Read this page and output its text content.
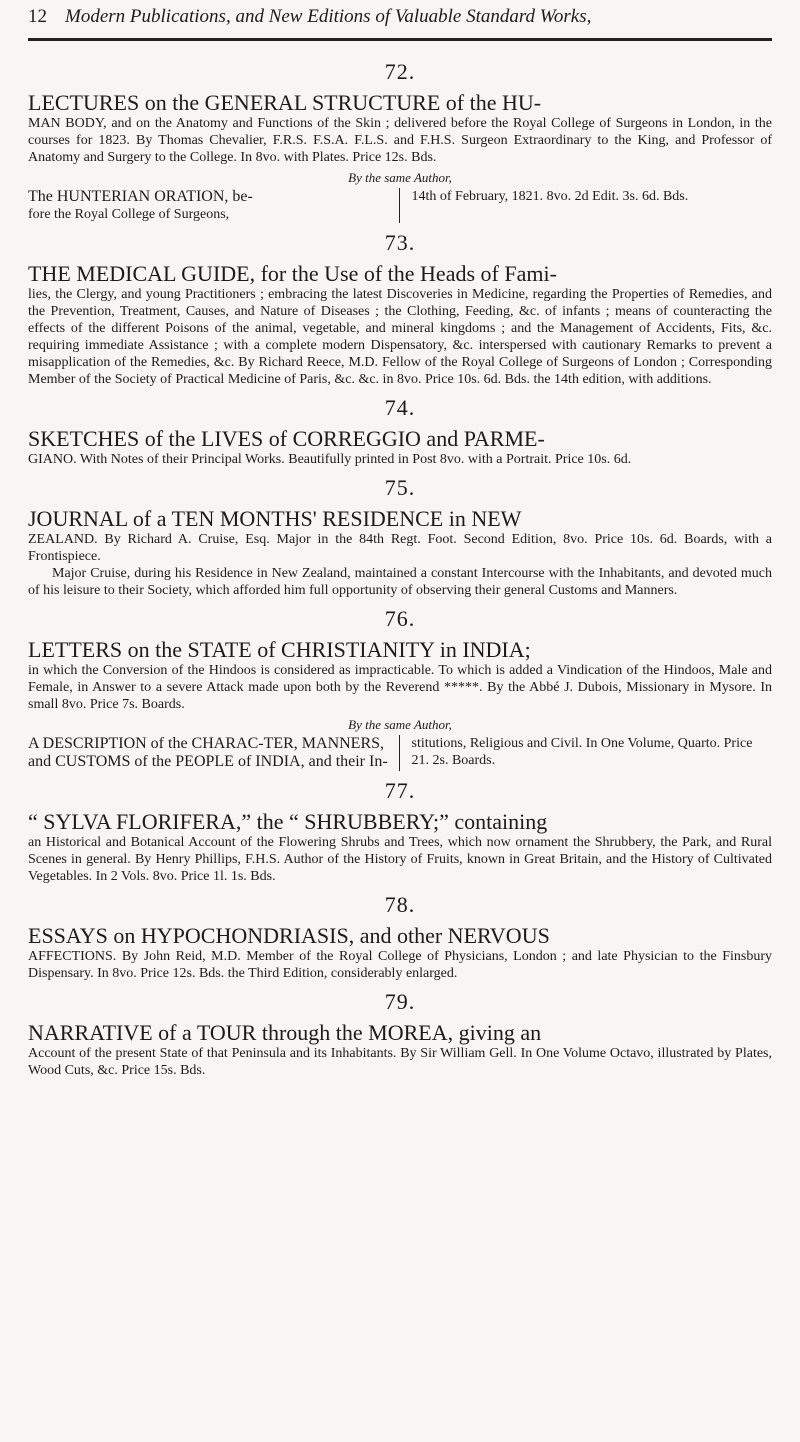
12 Modern Publications, and New Editions of Valuable Standard Works,
72.

LECTURES on the GENERAL STRUCTURE of the HU-

MAN BODY, and on the Anatomy and Functions of the Skin ; delivered before the Royal College of Surgeons in London, in the courses for 1823. By Thomas Chevalier, F.R.S. F.S.A. F.L.S. and F.H.S. Surgeon Extraordinary to the King, and Professor of Anatomy and Surgery to the College. In 8vo. with Plates. Price 12s. Bds.

By the same Author,

The HUNTERIAN ORATION, be-

fore the Royal College of Surgeons,

14th of February, 1821. 8vo. 2d Edit. 3s. 6d. Bds.

73.

THE MEDICAL GUIDE, for the Use of the Heads of Fami-

lies, the Clergy, and young Practitioners ; embracing the latest Discoveries in Medicine, regarding the Properties of Remedies, and the Prevention, Treatment, Causes, and Nature of Diseases ; the Clothing, Feeding, &c. of infants ; means of counteracting the effects of the different Poisons of the animal, vegetable, and mineral kingdoms ; and the Management of Accidents, Fits, &c. requiring immediate Assistance ; with a complete modern Dispensatory, &c. interspersed with cautionary Remarks to prevent a misapplication of the Remedies, &c. By Richard Reece, M.D. Fellow of the Royal College of Surgeons of London ; Corresponding Member of the Society of Practical Medicine of Paris, &c. &c. in 8vo. Price 10s. 6d. Bds. the 14th edition, with additions.

74.

SKETCHES of the LIVES of CORREGGIO and PARME-

GIANO. With Notes of their Principal Works. Beautifully printed in Post 8vo. with a Portrait. Price 10s. 6d.

75.

JOURNAL of a TEN MONTHS' RESIDENCE in NEW

ZEALAND. By Richard A. Cruise, Esq. Major in the 84th Regt. Foot. Second Edition, 8vo. Price 10s. 6d. Boards, with a Frontispiece.

Major Cruise, during his Residence in New Zealand, maintained a constant Intercourse with the Inhabitants, and devoted much of his leisure to their Society, which afforded him full opportunity of observing their general Customs and Manners.

76.

LETTERS on the STATE of CHRISTIANITY in INDIA;

in which the Conversion of the Hindoos is considered as impracticable. To which is added a Vindication of the Hindoos, Male and Female, in Answer to a severe Attack made upon both by the Reverend *****. By the Abbé J. Dubois, Missionary in Mysore. In small 8vo. Price 7s. Boards.

By the same Author,

A DESCRIPTION of the CHARAC-TER, MANNERS, and CUSTOMS of the PEOPLE of INDIA, and their In-

stitutions, Religious and Civil. In One Volume, Quarto. Price 21. 2s. Boards.

77.

“ SYLVA FLORIFERA,” the “ SHRUBBERY;” containing

an Historical and Botanical Account of the Flowering Shrubs and Trees, which now ornament the Shrubbery, the Park, and Rural Scenes in general. By Henry Phillips, F.H.S. Author of the History of Fruits, known in Great Britain, and the History of Cultivated Vegetables. In 2 Vols. 8vo. Price 1l. 1s. Bds.

78.

ESSAYS on HYPOCHONDRIASIS, and other NERVOUS

AFFECTIONS. By John Reid, M.D. Member of the Royal College of Physicians, London ; and late Physician to the Finsbury Dispensary. In 8vo. Price 12s. Bds. the Third Edition, considerably enlarged.

79.

NARRATIVE of a TOUR through the MOREA, giving an

Account of the present State of that Peninsula and its Inhabitants. By Sir William Gell. In One Volume Octavo, illustrated by Plates, Wood Cuts, &c. Price 15s. Bds.
